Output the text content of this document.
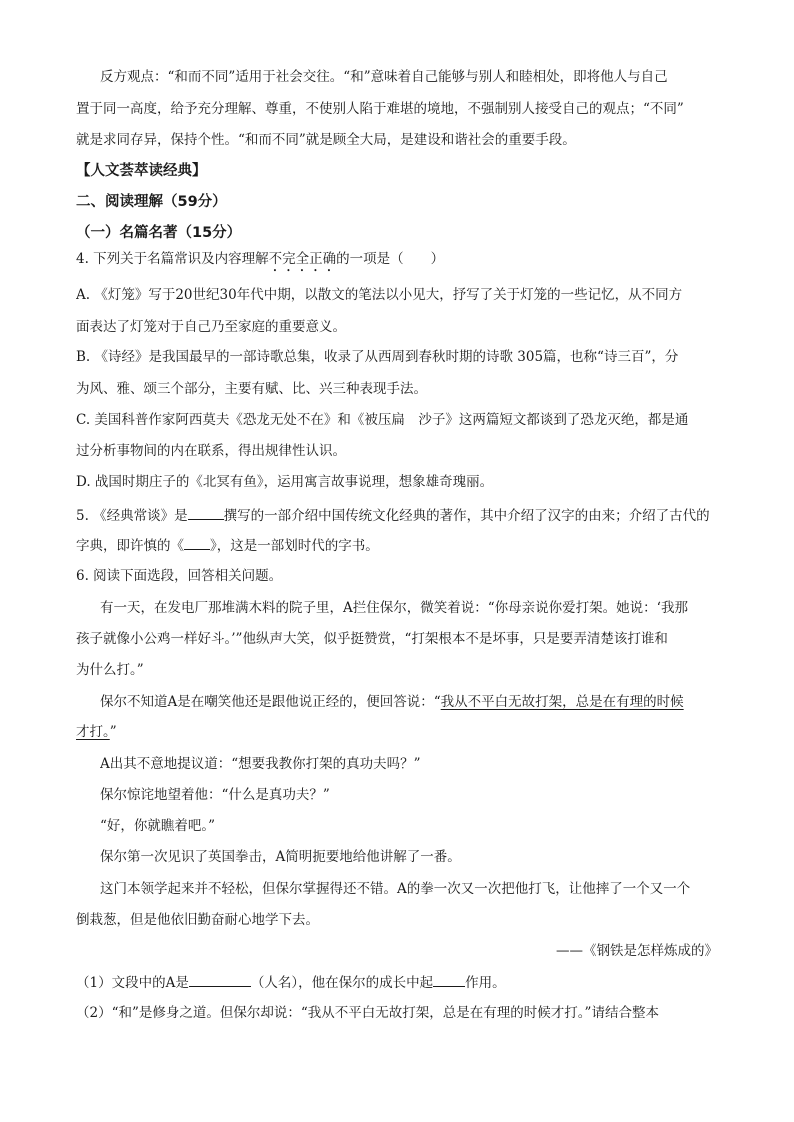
反方观点：“和而不同”适用于社会交往。“和”意味着自己能够与别人和睦相处，即将他人与自己
置于同一高度，给予充分理解、尊重，不使别人陷于难堪的境地，不强制别人接受自己的观点；“不同”
就是求同存异，保持个性。“和而不同”就是顾全大局，是建设和谐社会的重要手段。
【人文荟萃读经典】
二、阅读理解（59分）
（一）名篇名著（15分）
4. 下列关于名篇常识及内容理解不完全正确的一项是（　　）
A. 《灯笼》写于20世纪30年代中期，以散文的笔法以小见大，抒写了关于灯笼的一些记忆，从不同方
面表达了灯笼对于自己乃至家庭的重要意义。
B. 《诗经》是我国最早的一部诗歌总集，收录了从西周到春秋时期的诗歌 305篇，也称“诗三百”，分
为风、雅、颂三个部分，主要有赋、比、兴三种表现手法。
C. 美国科普作家阿西莫夫《恐龙无处不在》和《被压扁　沙子》这两篇短文都谈到了恐龙灭绝，都是通
过分析事物间的内在联系，得出规律性认识。
D. 战国时期庄子的《北冥有鱼》，运用寓言故事说理，想象雄奇瑰丽。
5. 《经典常谈》是	撰写的一部介绍中国传统文化经典的著作，其中介绍了汉字的由来；介绍了古代的
字典，即许慎的《 》，这是一部划时代的字书。
6. 阅读下面选段，回答相关问题。
有一天，在发电厂那堆满木料的院子里，A拦住保尔，微笑着说：“你母亲说你爱打架。她说：‘我那
孩子就像小公鸡一样好斗。’”他纵声大笑，似乎挺赞赏，“打架根本不是坏事，只是要弄清楚该打谁和
为什么打。”
保尔不知道A是在嘲笑他还是跟他说正经的，便回答说：“我从不平白无故打架，总是在有理的时候
才打。”
A出其不意地提议道：“想要我教你打架的真功夫吗？”
保尔惊诧地望着他：“什么是真功夫？”
“好，你就瞧着吧。”
保尔第一次见识了英国拳击，A简明扼要地给他讲解了一番。
这门本领学起来并不轻松，但保尔掌握得还不错。A的拳一次又一次把他打飞，让他摔了一个又一个
倒栽葱，但是他依旧勤奋耐心地学下去。
——《钢铁是怎样炼成的》
（1）文段中的A是	（人名），他在保尔的成长中起 作用。
（2）“和”是修身之道。但保尔却说：“我从不平白无故打架，总是在有理的时候才打。”请结合整本
